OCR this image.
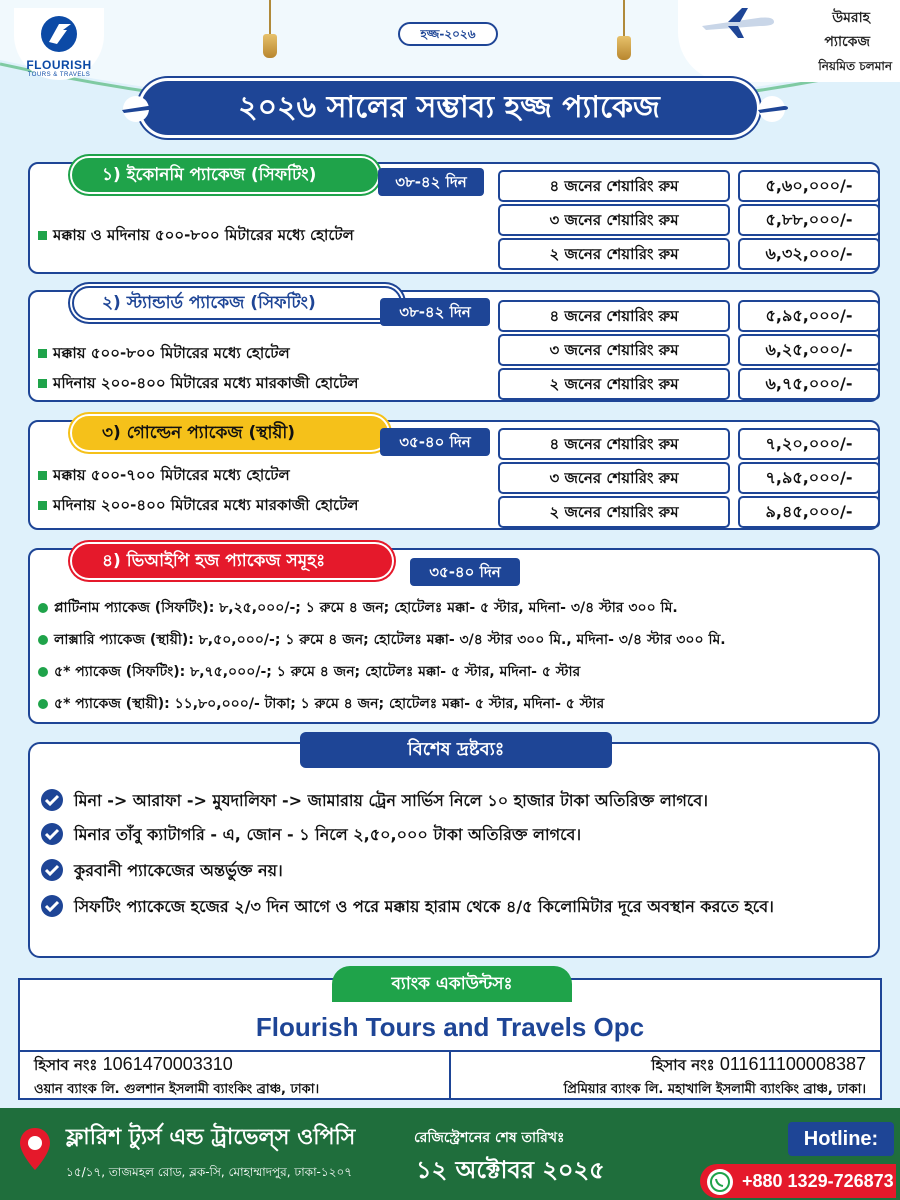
FLOURISH
TOURS & TRAVELS
হজ্জ-২০২৬
উমরাহ
প্যাকেজ
নিয়মিত চলমান
২০২৬ সালের সম্ভাব্য হজ্জ প্যাকেজ
১) ইকোনমি প্যাকেজ (সিফটিং)	৩৮-৪২ দিন
মক্কায় ও মদিনায় ৫০০-৮০০ মিটারের মধ্যে হোটেল
৪ জনের শেয়ারিং রুম	৫,৬০,০০০/-
৩ জনের শেয়ারিং রুম	৫,৮৮,০০০/-
২ জনের শেয়ারিং রুম	৬,৩২,০০০/-
২) স্ট্যান্ডার্ড প্যাকেজ (সিফটিং)	৩৮-৪২ দিন
মক্কায় ৫০০-৮০০ মিটারের মধ্যে হোটেল
মদিনায় ২০০-৪০০ মিটারের মধ্যে মারকাজী হোটেল
৪ জনের শেয়ারিং রুম	৫,৯৫,০০০/-
৩ জনের শেয়ারিং রুম	৬,২৫,০০০/-
২ জনের শেয়ারিং রুম	৬,৭৫,০০০/-
৩) গোল্ডেন প্যাকেজ (স্থায়ী)	৩৫-৪০ দিন
মক্কায় ৫০০-৭০০ মিটারের মধ্যে হোটেল
মদিনায় ২০০-৪০০ মিটারের মধ্যে মারকাজী হোটেল
৪ জনের শেয়ারিং রুম	৭,২০,০০০/-
৩ জনের শেয়ারিং রুম	৭,৯৫,০০০/-
২ জনের শেয়ারিং রুম	৯,৪৫,০০০/-
৪) ভিআইপি হজ প্যাকেজ সমূহঃ
৩৫-৪০ দিন
প্লাটিনাম প্যাকেজ (সিফটিং): ৮,২৫,০০০/-; ১ রুমে ৪ জন; হোটেলঃ মক্কা- ৫ স্টার, মদিনা- ৩/৪ স্টার ৩০০ মি.
লাক্সারি প্যাকেজ (স্থায়ী): ৮,৫০,০০০/-; ১ রুমে ৪ জন; হোটেলঃ মক্কা- ৩/৪ স্টার ৩০০ মি., মদিনা- ৩/৪ স্টার ৩০০ মি.
৫* প্যাকেজ (সিফটিং): ৮,৭৫,০০০/-; ১ রুমে ৪ জন; হোটেলঃ মক্কা- ৫ স্টার, মদিনা- ৫ স্টার
৫* প্যাকেজ (স্থায়ী): ১১,৮০,০০০/- টাকা; ১ রুমে ৪ জন; হোটেলঃ মক্কা- ৫ স্টার, মদিনা- ৫ স্টার
বিশেষ দ্রষ্টব্যঃ
মিনা -> আরাফা -> মুযদালিফা -> জামারায় ট্রেন সার্ভিস নিলে ১০ হাজার টাকা অতিরিক্ত লাগবে।
মিনার তাঁবু ক্যাটাগরি - এ, জোন - ১ নিলে ২,৫০,০০০ টাকা অতিরিক্ত লাগবে।
কুরবানী প্যাকেজের অন্তর্ভুক্ত নয়।
সিফটিং প্যাকেজে হজের ২/৩ দিন আগে ও পরে মক্কায় হারাম থেকে ৪/৫ কিলোমিটার দূরে অবস্থান করতে হবে।
ব্যাংক একাউন্টসঃ
Flourish Tours and Travels Opc
হিসাব নংঃ 1061470003310
ওয়ান ব্যাংক লি. গুলশান ইসলামী ব্যাংকিং ব্রাঞ্চ, ঢাকা।
হিসাব নংঃ 011611100008387
প্রিমিয়ার ব্যাংক লি. মহাখালি ইসলামী ব্যাংকিং ব্রাঞ্চ, ঢাকা।
ফ্লারিশ ট্যুর্স এন্ড ট্রাভেল্স ওপিসি
১৫/১৭, তাজমহল রোড, ব্লক-সি, মোহাম্মাদপুর, ঢাকা-১২০৭
রেজিস্ট্রেশনের শেষ তারিখঃ
১২ অক্টোবর ২০২৫
Hotline:
+880 1329-726873
